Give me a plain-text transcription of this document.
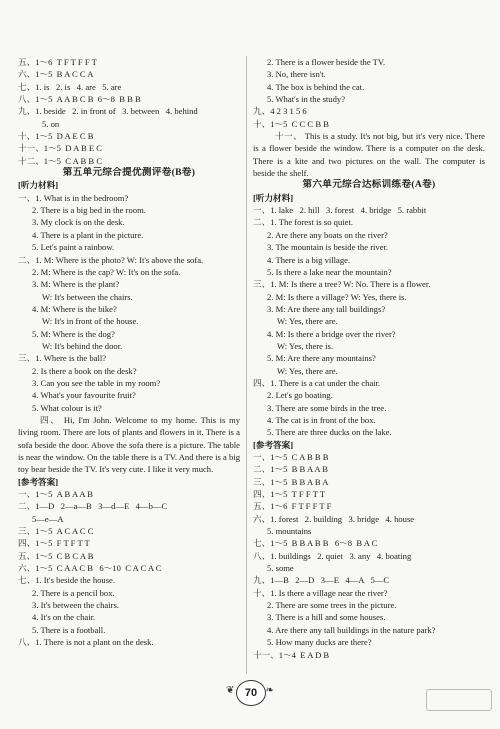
五、1～6  T F T F F T
六、1～5  B A C C A
七、1. is   2. is   4. are   5. are
八、1～5  A A B C B  6～8  B B B
九、1. beside   2. in front of   3. between   4. behind
5. on
十、1～5  D A E C B
十一、1～5  D A B E C
十二、1～5  C A B B C
第五单元综合提优测评卷(B卷)
[听力材料]
一、1. What is in the bedroom?
2. There is a big bed in the room.
3. My clock is on the desk.
4. There is a plant in the picture.
5. Let's paint a rainbow.
二、1. M: Where is the photo? W: It's above the sofa.
2. M: Where is the cap? W: It's on the sofa.
3. M: Where is the plant?
W: It's between the chairs.
4. M: Where is the bike?
W: It's in front of the house.
5. M: Where is the dog?
W: It's behind the door.
三、1. Where is the ball?
2. Is there a book on the desk?
3. Can you see the table in my room?
4. What's your favourite fruit?
5. What colour is it?
四、 Hi, I'm John. Welcome to my home. This is my living room. There are lots of plants and flowers in it. There is a sofa beside the door. Above the sofa there is a picture. The table is near the window. On the table there is a TV. And there is a big toy bear beside the TV. It's very cute. I like it very much.
[参考答案]
一、1～5  A B A A B
二、1—D   2—a—B   3—d—E   4—b—C
5—e—A
三、1～5  A C A C C
四、1～5  F T F T T
五、1～5  C B C A B
六、1～5  C A A C B   6～10  C A C A C
七、1. It's beside the house.
2. There is a pencil box.
3. It's between the chairs.
4. It's on the chair.
5. There is a football.
八、1. There is not a plant on the desk.
2. There is a flower beside the TV.
3. No, there isn't.
4. The box is behind the cat.
5. What's in the study?
九、4 2 3 1 5 6
十、1～5  C C C B B
十一、 This is a study. It's not big, but it's very nice. There is a flower beside the window. There is a computer on the desk. There is a kite and two pictures on the wall. The computer is beside the shelf.
第六单元综合达标训练卷(A卷)
[听力材料]
一、1. lake   2. hill   3. forest   4. bridge   5. rabbit
二、1. The forest is so quiet.
2. Are there any boats on the river?
3. The mountain is beside the river.
4. There is a big village.
5. Is there a lake near the mountain?
三、1. M: Is there a tree? W: No. There is a flower.
2. M: Is there a village? W: Yes, there is.
3. M: Are there any tall buildings?
W: Yes, there are.
4. M: Is there a bridge over the river?
W: Yes, there is.
5. M: Are there any mountains?
W: Yes, there are.
四、1. There is a cat under the chair.
2. Let's go boating.
3. There are some birds in the tree.
4. The cat is in front of the box.
5. There are three ducks on the lake.
[参考答案]
一、1～5  C A B B B
二、1～5  B B A A B
三、1～5  B B A B A
四、1～5  T F F T T
五、1～6  F T F F T F
六、1. forest   2. building   3. bridge   4. house
5. mountains
七、1～5  B B A B B   6～8  B A C
八、1. buildings   2. quiet   3. any   4. boating
5. some
九、1—B   2—D   3—E   4—A   5—C
十、1. Is there a village near the river?
2. There are some trees in the picture.
3. There is a hill and some houses.
4. Are there any tall buildings in the nature park?
5. How many ducks are there?
十一、1～4  E A D B
❦ 70 ❧
